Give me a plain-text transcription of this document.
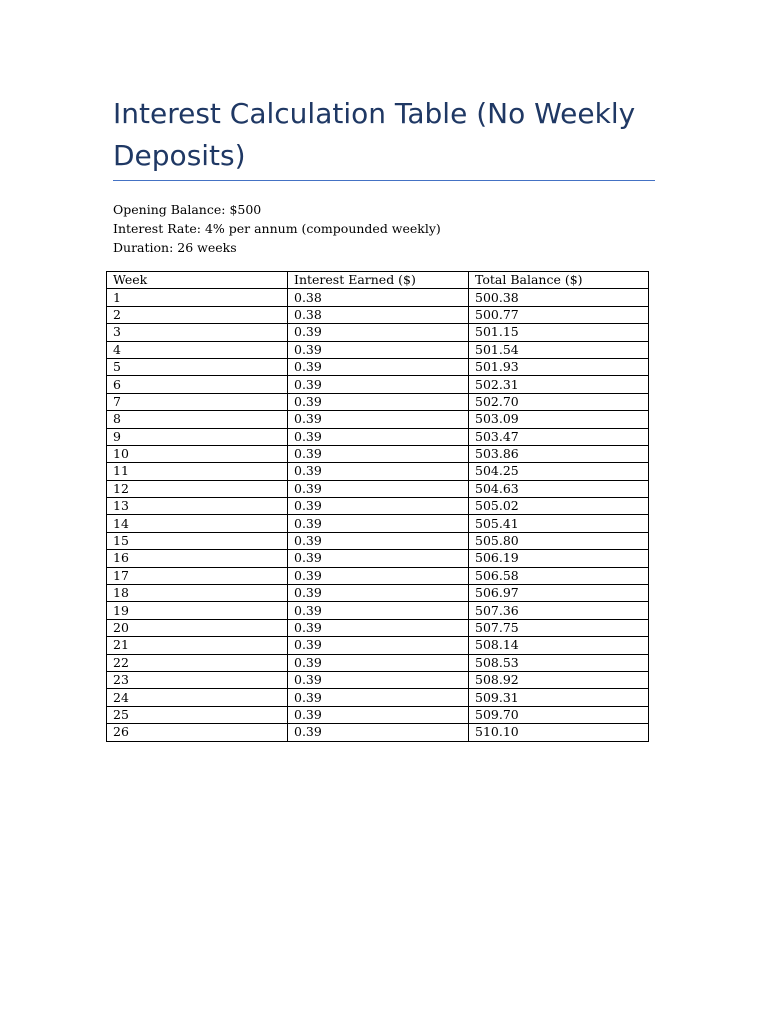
Interest Calculation Table (No Weekly Deposits)
Opening Balance: $500
Interest Rate: 4% per annum (compounded weekly)
Duration: 26 weeks
Week	Interest Earned ($)	Total Balance ($)
1	0.38	500.38
2	0.38	500.77
3	0.39	501.15
4	0.39	501.54
5	0.39	501.93
6	0.39	502.31
7	0.39	502.70
8	0.39	503.09
9	0.39	503.47
10	0.39	503.86
11	0.39	504.25
12	0.39	504.63
13	0.39	505.02
14	0.39	505.41
15	0.39	505.80
16	0.39	506.19
17	0.39	506.58
18	0.39	506.97
19	0.39	507.36
20	0.39	507.75
21	0.39	508.14
22	0.39	508.53
23	0.39	508.92
24	0.39	509.31
25	0.39	509.70
26	0.39	510.10
